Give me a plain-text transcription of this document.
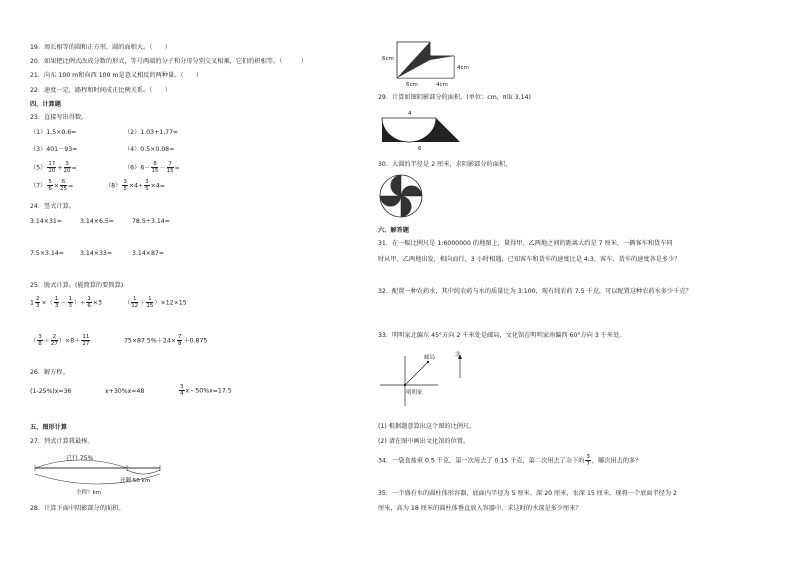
19．周长相等的圆和正方形，圆的面积大。（　　）
20．如果把比例式改成分数的形式，等号两端的分子和分母分别交叉相乘，它们的积相等。（　　　）
21．向东 100 m和向西 100 m是意义相反的两种量。（　　）
22．速度一定，路程和时间成正比例关系。（　　）
四、计算题
23．直接写出得数。
（1）1.5×0.6=	（2）1.03+1.77=
（3）401－93=	（4）0.5×0.08=
$(5) \frac{17}{20} + \frac{3}{20}$ =	$(6)6- \frac{8}{15} - \frac{7}{15}$ =
$(7) \frac{5}{6} \times \frac{6}{25}$ =	$(8) \frac{3}{5} \times 4\div \frac{3}{5} \times 4=$
24．竖式计算。
3.14×31=	3.14×6.5=	78.5÷3.14=
7.5×3.14=	3.14×33=	3.14×87=
25．脱式计算。(能简算的要简算)
$1 \frac{2}{3}$ ×（ $\frac{1}{3} - \frac{1}{3}$ ）÷ $\frac{1}{6} \times 3$	（ $\frac{1}{12} + \frac{1}{15} )\times 12\times 15$
（ $\frac{3}{8} + \frac{2}{27} )\times 8+ \frac{11}{27}$	$75\times 87.5\%+24\times \frac{7}{8} +0.875$
26．解方程。
(1-25%)x=36	x+30%x=48	$\frac{3}{4}$ x - 50%x=17.5
五、图形计算
27．列式计算我最棒。
已行 75%
还剩 50 km
全程？km
28．计算下面中阴影部分的面积。
6cm
4cm
6cm	4cm
29．计算如图阴影部分的面积。(单位：cm，π取 3.14)
4
6
30．大圆的半径是 2 厘米，求阴影部分的面积。
六、解答题
31．在一幅比例尺是 1:6000000 的地图上，量得甲、乙两地之间的距离大约是 7 厘米，一辆客车和货车同
时从甲、乙两地出发，相向而行，3 小时相遇，已知客车和货车的速度比是 4:3，客车、货车的速度各是多少？
32．配置一种农药水，其中纯农药与水的质量比为 3:100，现有纯农药 7.5 千克，可以配置这种农药水多少千克？
33．明明家北偏东 45°方向 2 千米处是邮局，文化馆在明明家南偏西 60°方向 3 千米处。
邮局	北
明明家
(1) 根据题意算出这个图的比例尺。
(2) 请在图中画出文化馆的位置。
34．一袋食盐重 0.5 千克，第一次用去了 0.15 千克，第二次用去了余下的 $\frac{3}{7}$ ，哪次用去的多？
35．一个盛有水的圆柱体形容器，底面内半径为 5 厘米，深 20 厘米，水深 15 厘米。现将一个底面半径为 2
厘米，高为 18 厘米的圆柱体垂直放入容器中，求这时的水深是多少厘米？
